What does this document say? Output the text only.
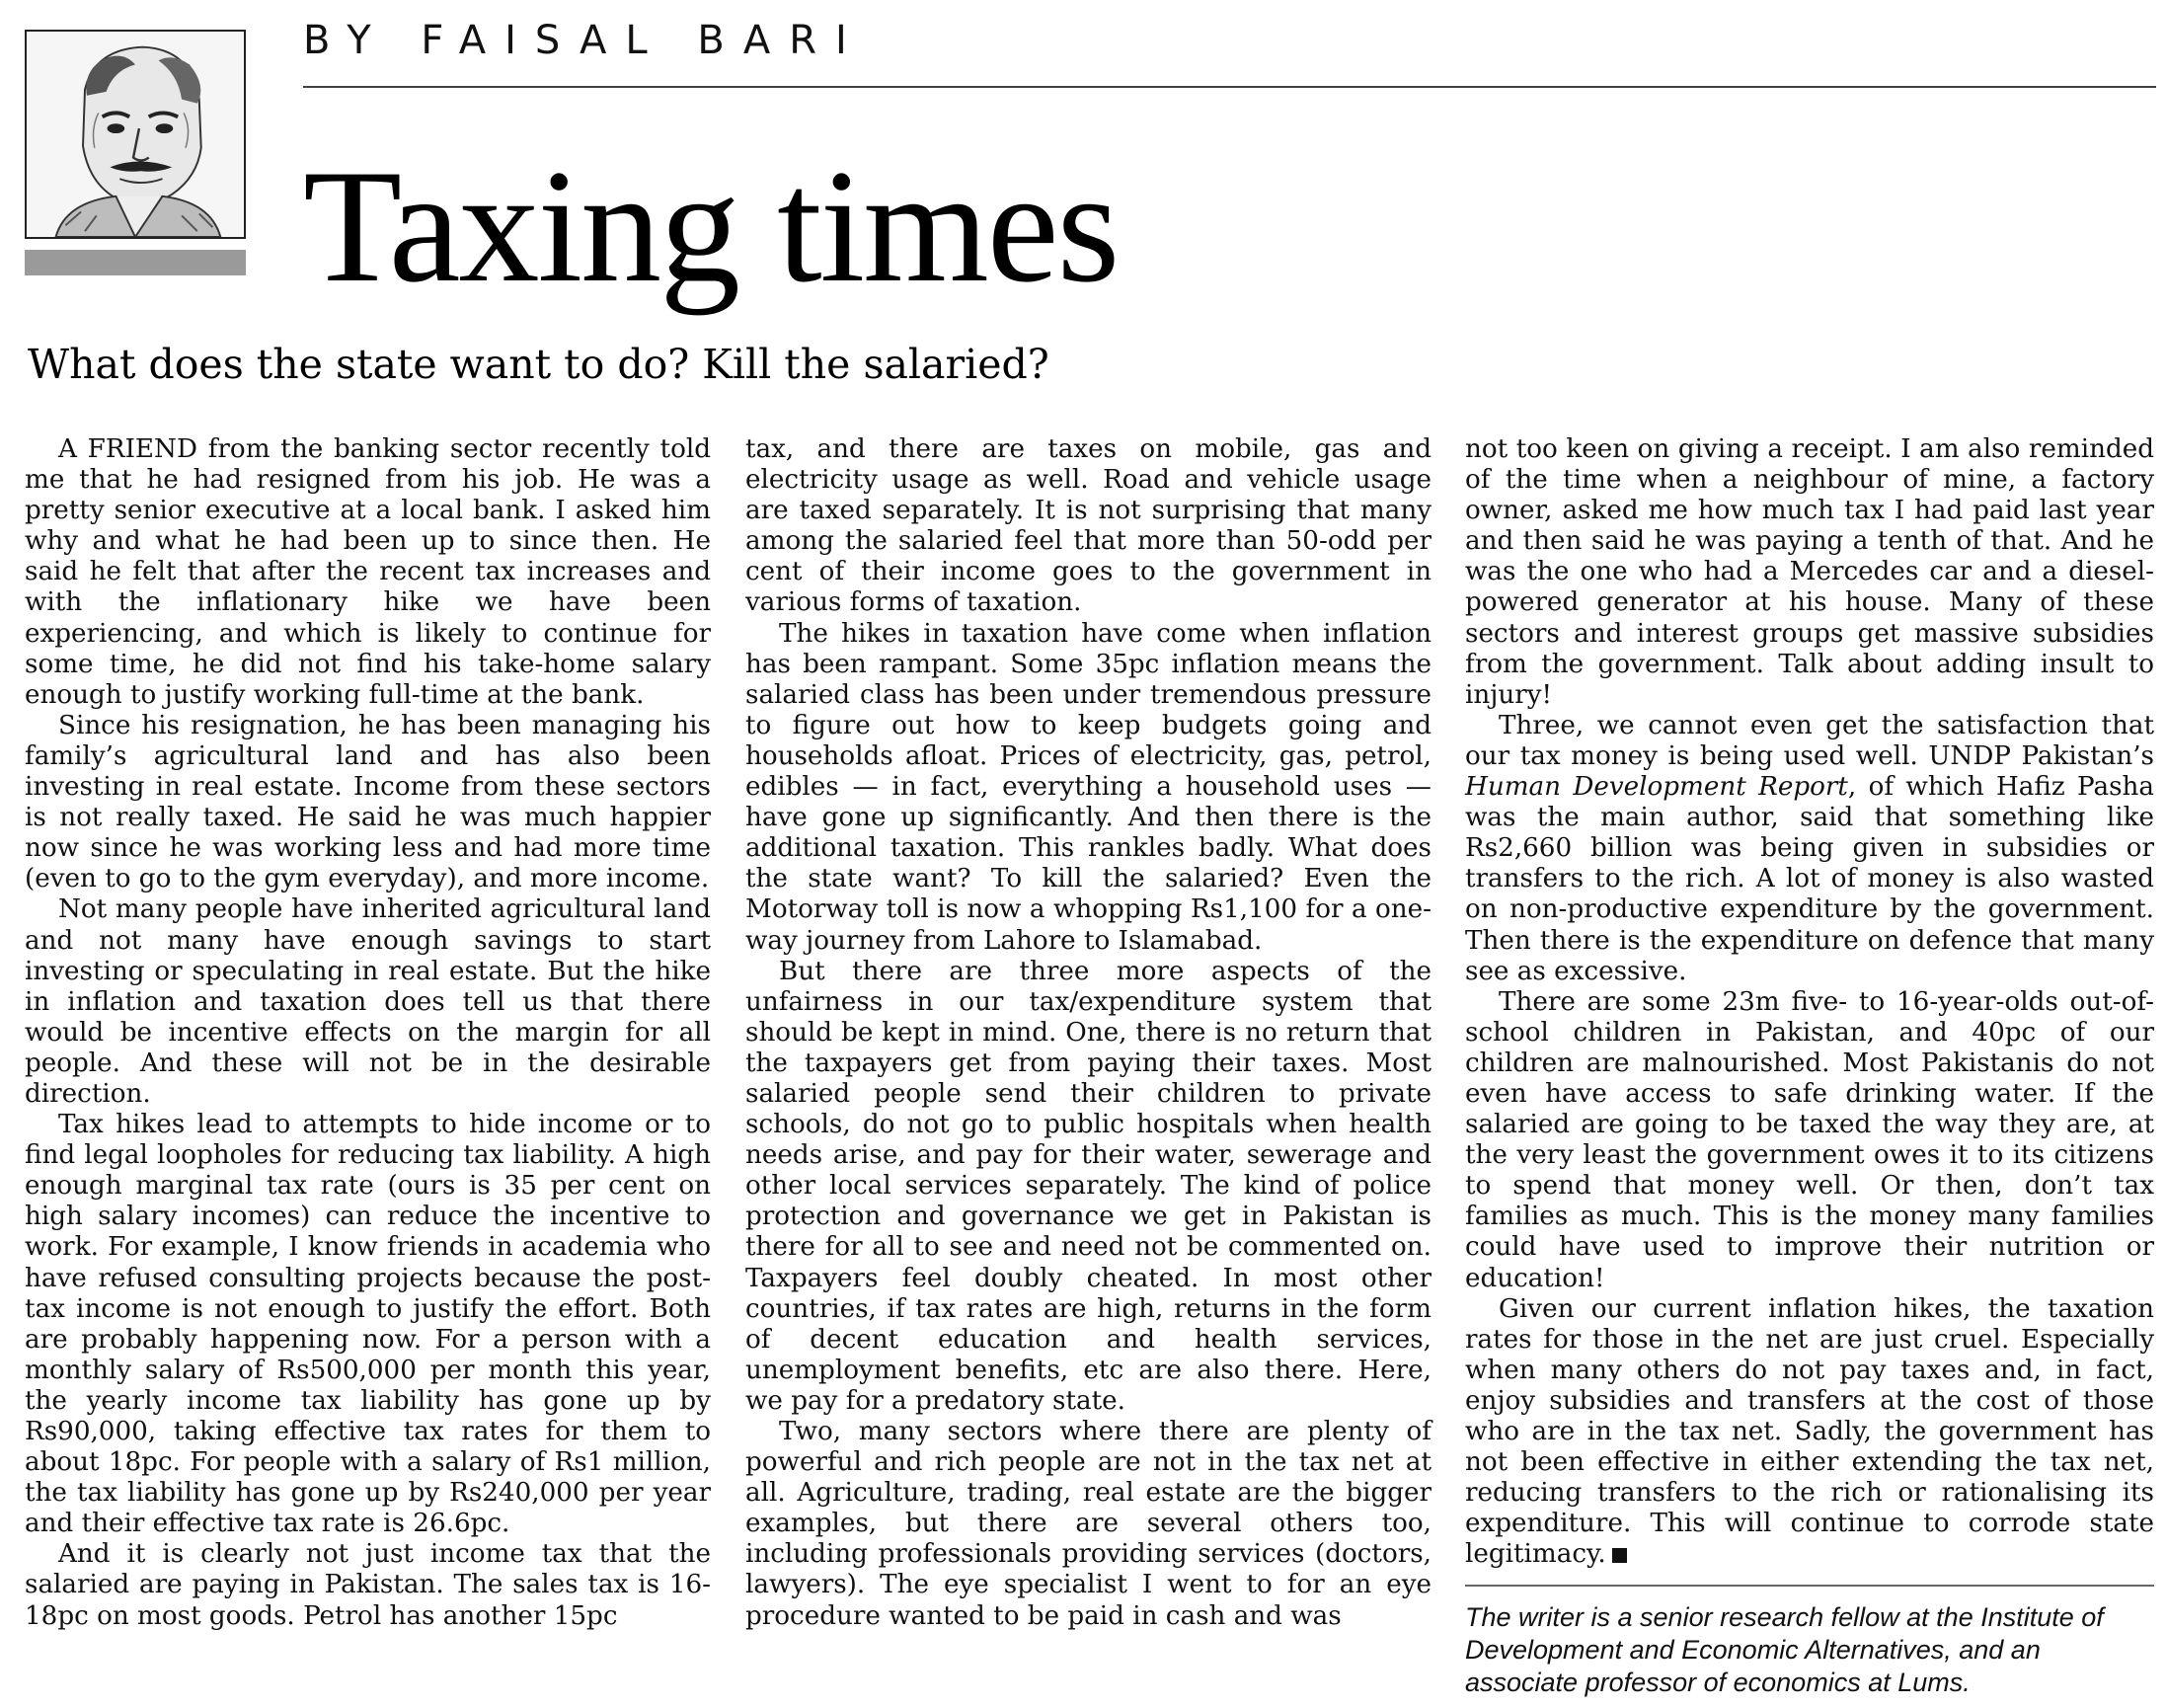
BY FAISAL BARI
Taxing times
What does the state want to do? Kill the salaried?

A FRIEND from the banking sector recently told me that he had resigned from his job. He was a pretty senior executive at a local bank. I asked him why and what he had been up to since then. He said he felt that after the recent tax increases and with the inflationary hike we have been experiencing, and which is likely to continue for some time, he did not find his take-home salary enough to justify working full-time at the bank.

Since his resignation, he has been managing his family’s agricultural land and has also been investing in real estate. Income from these sectors is not really taxed. He said he was much happier now since he was working less and had more time (even to go to the gym everyday), and more income.

Not many people have inherited agricultural land and not many have enough savings to start investing or speculating in real estate. But the hike in inflation and taxation does tell us that there would be incentive effects on the margin for all people. And these will not be in the desirable direction.

Tax hikes lead to attempts to hide income or to find legal loopholes for reducing tax liability. A high enough marginal tax rate (ours is 35 per cent on high salary incomes) can reduce the incentive to work. For example, I know friends in academia who have refused consulting projects because the post-tax income is not enough to justify the effort. Both are probably happening now. For a person with a monthly salary of Rs500,000 per month this year, the yearly income tax liability has gone up by Rs90,000, taking effective tax rates for them to about 18pc. For people with a salary of Rs1 million, the tax liability has gone up by Rs240,000 per year and their effective tax rate is 26.6pc.

And it is clearly not just income tax that the salaried are paying in Pakistan. The sales tax is 16-18pc on most goods. Petrol has another 15pc

tax, and there are taxes on mobile, gas and electricity usage as well. Road and vehicle usage are taxed separately. It is not surprising that many among the salaried feel that more than 50-odd per cent of their income goes to the government in various forms of taxation.

The hikes in taxation have come when inflation has been rampant. Some 35pc inflation means the salaried class has been under tremendous pressure to figure out how to keep budgets going and households afloat. Prices of electricity, gas, petrol, edibles — in fact, everything a household uses — have gone up significantly. And then there is the additional taxation. This rankles badly. What does the state want? To kill the salaried? Even the Motorway toll is now a whopping Rs1,100 for a one-way journey from Lahore to Islamabad.

But there are three more aspects of the unfairness in our tax/expenditure system that should be kept in mind. One, there is no return that the taxpayers get from paying their taxes. Most salaried people send their children to private schools, do not go to public hospitals when health needs arise, and pay for their water, sewerage and other local services separately. The kind of police protection and governance we get in Pakistan is there for all to see and need not be commented on. Taxpayers feel doubly cheated. In most other countries, if tax rates are high, returns in the form of decent education and health services, unemployment benefits, etc are also there. Here, we pay for a predatory state.

Two, many sectors where there are plenty of powerful and rich people are not in the tax net at all. Agriculture, trading, real estate are the bigger examples, but there are several others too, including professionals providing services (doctors, lawyers). The eye specialist I went to for an eye procedure wanted to be paid in cash and was

not too keen on giving a receipt. I am also reminded of the time when a neighbour of mine, a factory owner, asked me how much tax I had paid last year and then said he was paying a tenth of that. And he was the one who had a Mercedes car and a diesel-powered generator at his house. Many of these sectors and interest groups get massive subsidies from the government. Talk about adding insult to injury!

Three, we cannot even get the satisfaction that our tax money is being used well. UNDP Pakistan’s Human Development Report, of which Hafiz Pasha was the main author, said that something like Rs2,660 billion was being given in subsidies or transfers to the rich. A lot of money is also wasted on non-productive expenditure by the government. Then there is the expenditure on defence that many see as excessive.

There are some 23m five- to 16-year-olds out-of-school children in Pakistan, and 40pc of our children are malnourished. Most Pakistanis do not even have access to safe drinking water. If the salaried are going to be taxed the way they are, at the very least the government owes it to its citizens to spend that money well. Or then, don’t tax families as much. This is the money many families could have used to improve their nutrition or education!

Given our current inflation hikes, the taxation rates for those in the net are just cruel. Especially when many others do not pay taxes and, in fact, enjoy subsidies and transfers at the cost of those who are in the tax net. Sadly, the government has not been effective in either extending the tax net, reducing transfers to the rich or rationalising its expenditure. This will continue to corrode state legitimacy.

The writer is a senior research fellow at the Institute of Development and Economic Alternatives, and an associate professor of economics at Lums.
